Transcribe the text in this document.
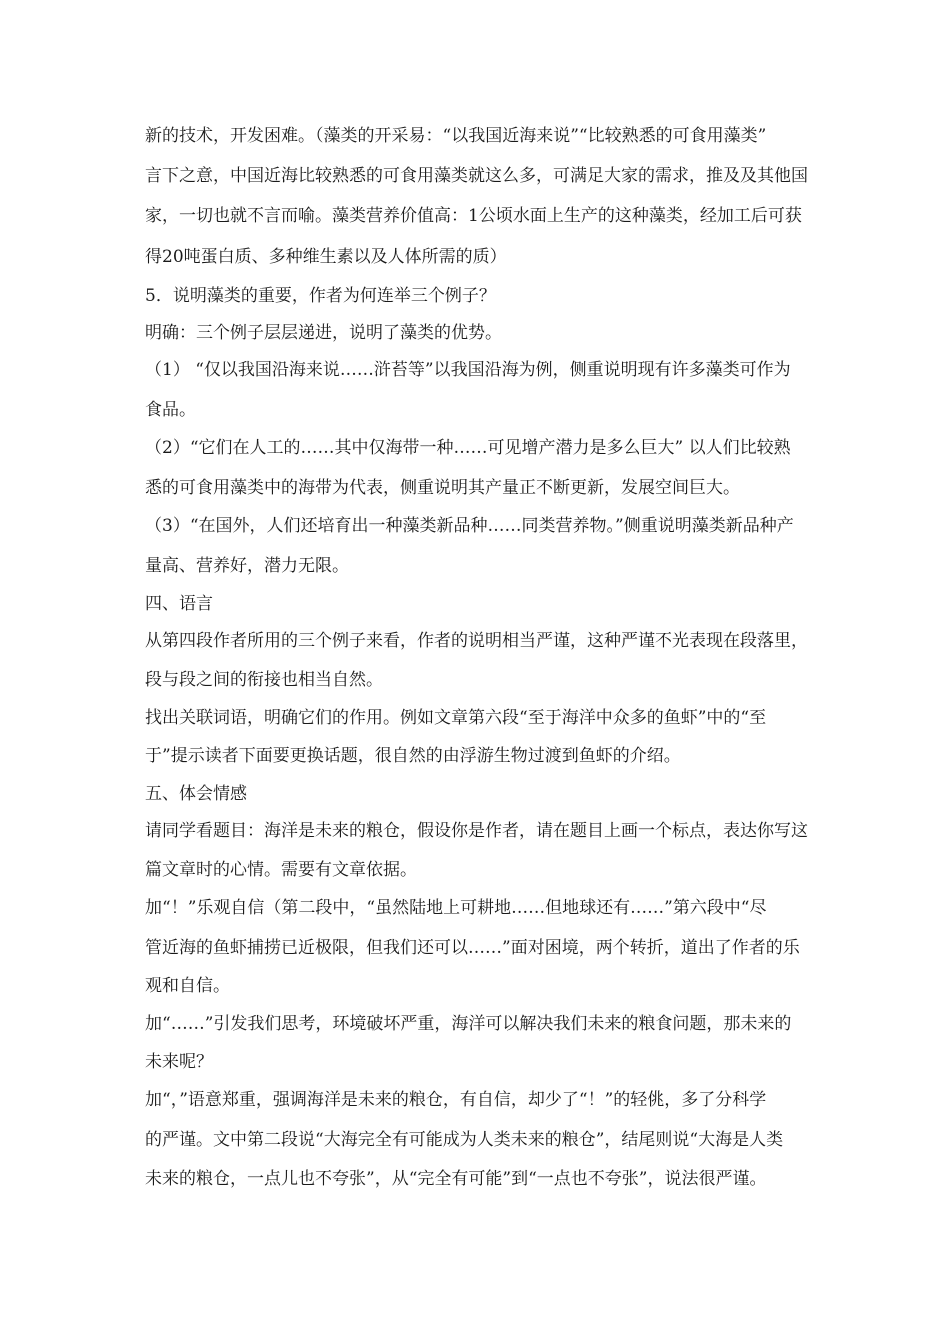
新的技术，开发困难。（藻类的开采易：“以我国近海来说”“比较熟悉的可食用藻类”
言下之意，中国近海比较熟悉的可食用藻类就这么多，可满足大家的需求，推及及其他国
家，一切也就不言而喻。藻类营养价值高：1公顷水面上生产的这种藻类，经加工后可获
得20吨蛋白质、多种维生素以及人体所需的质）
5．说明藻类的重要，作者为何连举三个例子？
明确：三个例子层层递进，说明了藻类的优势。
（1） “仅以我国沿海来说……浒苔等”以我国沿海为例，侧重说明现有许多藻类可作为
食品。
（2）“它们在人工的……其中仅海带一种……可见增产潜力是多么巨大” 以人们比较熟
悉的可食用藻类中的海带为代表，侧重说明其产量正不断更新，发展空间巨大。
（3）“在国外，人们还培育出一种藻类新品种……同类营养物。”侧重说明藻类新品种产
量高、营养好，潜力无限。
四、语言
从第四段作者所用的三个例子来看，作者的说明相当严谨，这种严谨不光表现在段落里，
段与段之间的衔接也相当自然。
找出关联词语，明确它们的作用。例如文章第六段“至于海洋中众多的鱼虾”中的“至
于”提示读者下面要更换话题，很自然的由浮游生物过渡到鱼虾的介绍。
五、体会情感
请同学看题目：海洋是未来的粮仓，假设你是作者，请在题目上画一个标点，表达你写这
篇文章时的心情。需要有文章依据。
加“！”乐观自信（第二段中，“虽然陆地上可耕地……但地球还有……”第六段中“尽
管近海的鱼虾捕捞已近极限，但我们还可以……”面对困境，两个转折，道出了作者的乐
观和自信。
加“……”引发我们思考，环境破坏严重，海洋可以解决我们未来的粮食问题，那未来的
未来呢？
加“，”语意郑重，强调海洋是未来的粮仓，有自信，却少了“！”的轻佻，多了分科学
的严谨。文中第二段说“大海完全有可能成为人类未来的粮仓”，结尾则说“大海是人类
未来的粮仓，一点儿也不夸张”，从“完全有可能”到“一点也不夸张”，说法很严谨。
